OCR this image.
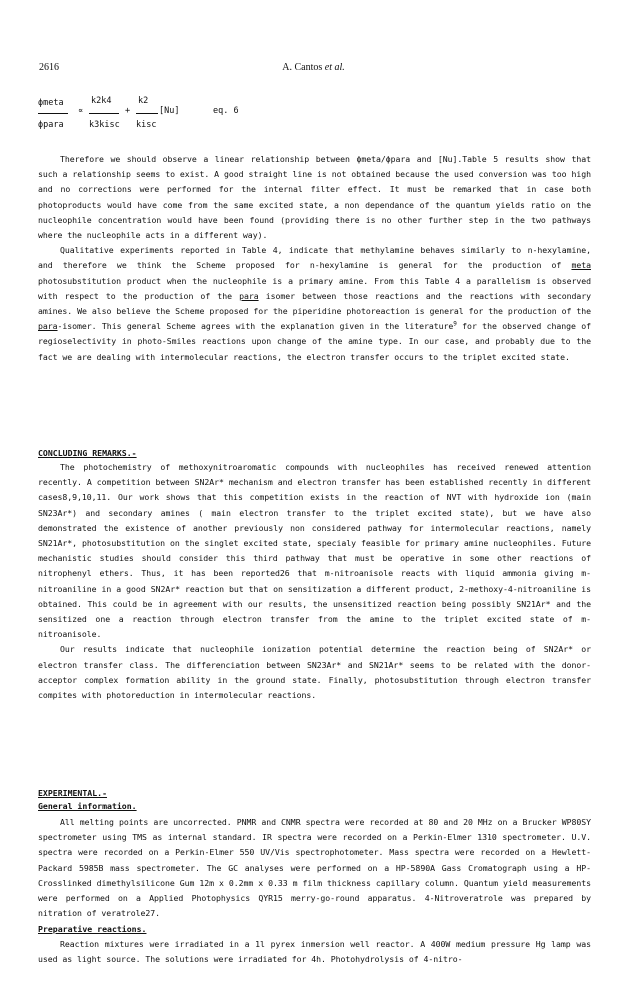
2616	A. Cantos et al.
ϕmeta
ϕpara
∝
k2k4
k3kisc
+
k2
kisc
[Nu]	eq. 6

Therefore we should observe a linear relationship between ϕmeta/ϕpara and [Nu].Table 5 results show that such a relationship seems to exist. A good straight line is not obtained because the used conversion was too high and no corrections were performed for the internal filter effect. It must be remarked that in case both photoproducts would have come from the same excited state, a non dependance of the quantum yields ratio on the nucleophile concentration would have been found (providing there is no other further step in the two pathways where the nucleophile acts in a different way).

Qualitative experiments reported in Table 4, indicate that methylamine behaves similarly to n-hexylamine, and therefore we think the Scheme proposed for n-hexylamine is general for the production of meta photosubstitution product when the nucleophile is a primary amine. From this Table 4 a parallelism is observed with respect to the production of the para isomer between those reactions and the reactions with secondary amines. We also believe the Scheme proposed for the piperidine photoreaction is general for the production of the para-isomer. This general Scheme agrees with the explanation given in the literature$^9$ for the observed change of regioselectivity in photo-Smiles reactions upon change of the amine type. In our case, and probably due to the fact we are dealing with intermolecular reactions, the electron transfer occurs to the triplet excited state.

CONCLUDING REMARKS.-

The photochemistry of methoxynitroaromatic compounds with nucleophiles has received renewed attention recently. A competition between SN2Ar* mechanism and electron transfer has been established recently in different cases8,9,10,11. Our work shows that this competition exists in the reaction of NVT with hydroxide ion (main SN23Ar*) and secondary amines ( main electron transfer to the triplet excited state), but we have also demonstrated the existence of another previously non considered pathway for intermolecular reactions, namely SN21Ar*, photosubstitution on the singlet excited state, specialy feasible for primary amine nucleophiles. Future mechanistic studies should consider this third pathway that must be operative in some other reactions of nitrophenyl ethers. Thus, it has been reported26 that m-nitroanisole reacts with liquid ammonia giving m-nitroaniline in a good SN2Ar* reaction but that on sensitization a different product, 2-methoxy-4-nitroaniline is obtained. This could be in agreement with our results, the unsensitized reaction being possibly SN21Ar* and the sensitized one a reaction through electron transfer from the amine to the triplet excited state of m-nitroanisole.

Our results indicate that nucleophile ionization potential determine the reaction being of SN2Ar* or electron transfer class. The differenciation between SN23Ar* and SN21Ar* seems to be related with the donor-acceptor complex formation ability in the ground state. Finally, photosubstitution through electron transfer compites with photoreduction in intermolecular reactions.

EXPERIMENTAL.-
General information.

All melting points are uncorrected. PNMR and CNMR spectra were recorded at 80 and 20 MHz on a Brucker WP80SY spectrometer using TMS as internal standard. IR spectra were recorded on a Perkin-Elmer 1310 spectrometer. U.V. spectra were recorded on a Perkin-Elmer 550 UV/Vis spectrophotometer. Mass spectra were recorded on a Hewlett-Packard 5985B mass spectrometer. The GC analyses were performed on a HP-5890A Gass Cromatograph using a HP-Crosslinked dimethylsilicone Gum 12m x 0.2mm x 0.33 m film thickness capillary column. Quantum yield measurements were performed on a Applied Photophysics QYR15 merry-go-round apparatus. 4-Nitroveratrole was prepared by nitration of veratrole27.

Preparative reactions.

Reaction mixtures were irradiated in a 1l pyrex inmersion well reactor. A 400W medium pressure Hg lamp was used as light source. The solutions were irradiated for 4h. Photohydrolysis of 4-nitro-
